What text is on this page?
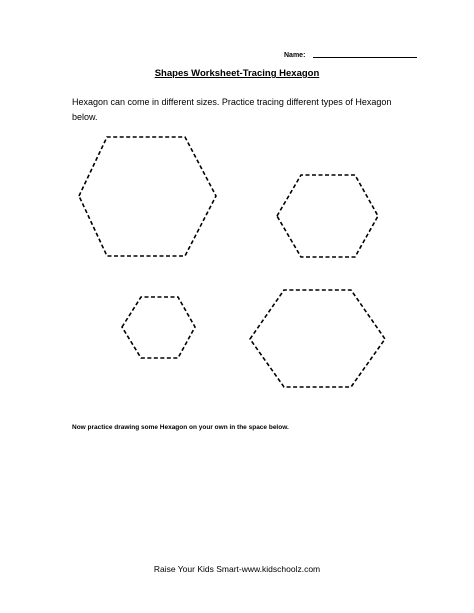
Name:
Shapes Worksheet-Tracing Hexagon
Hexagon can come in different sizes. Practice tracing different types of Hexagon below.
Now practice drawing some Hexagon on your own in the space below.
Raise Your Kids Smart-www.kidschoolz.com
